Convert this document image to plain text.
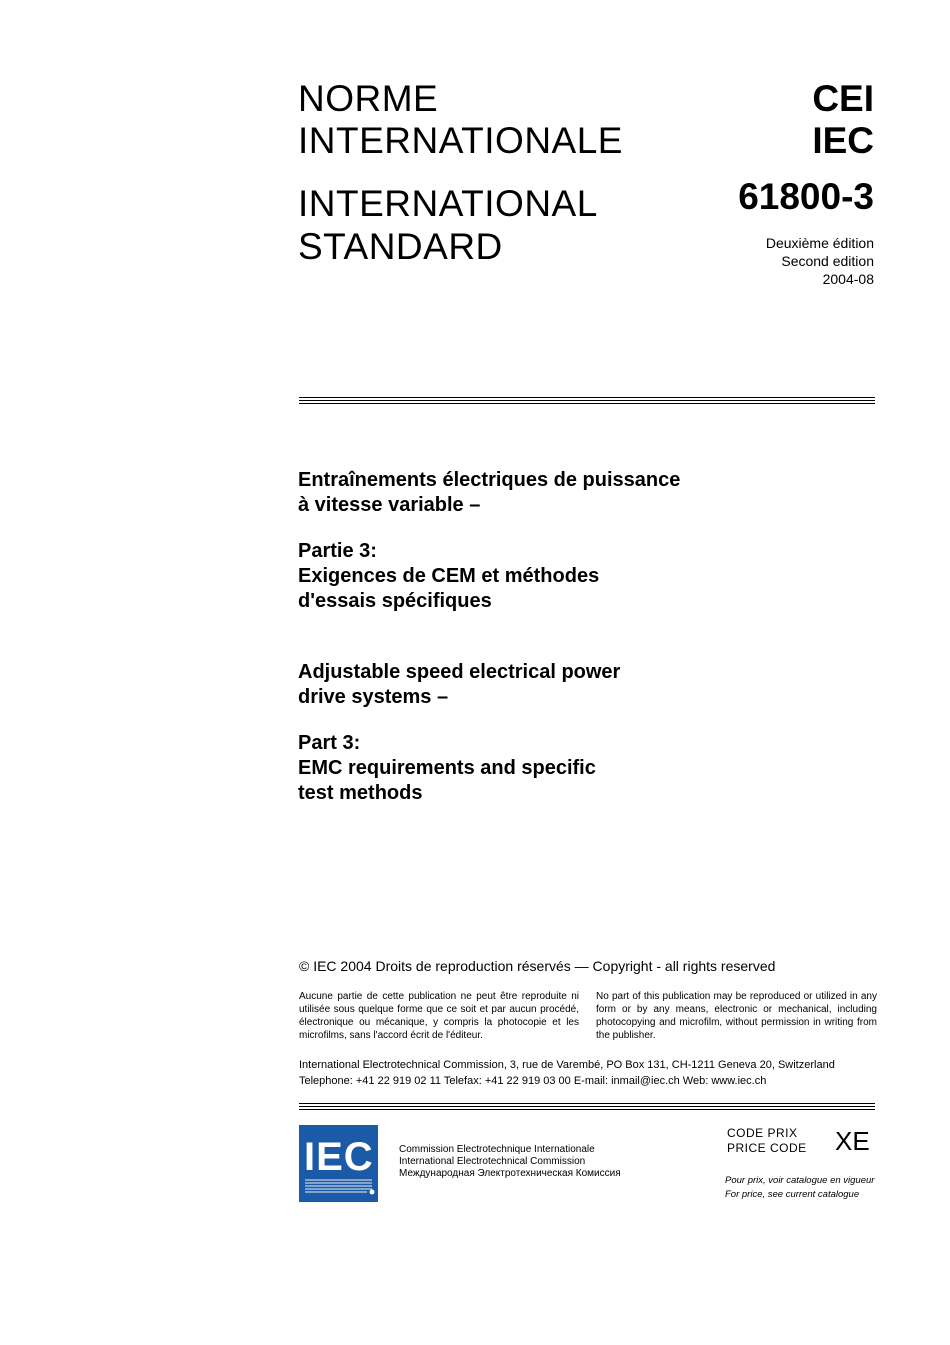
NORME
INTERNATIONALE
INTERNATIONAL
STANDARD
CEI
IEC
61800-3
Deuxième édition
Second edition
2004-08
Entraînements électriques de puissance
à vitesse variable –
Partie 3:
Exigences de CEM et méthodes
d'essais spécifiques
Adjustable speed electrical power
drive systems –
Part 3:
EMC requirements and specific
test methods
© IEC 2004 Droits de reproduction réservés — Copyright - all rights reserved
Aucune partie de cette publication ne peut être reproduite ni utilisée sous quelque forme que ce soit et par aucun procédé, électronique ou mécanique, y compris la photocopie et les microfilms, sans l'accord écrit de l'éditeur.
No part of this publication may be reproduced or utilized in any form or by any means, electronic or mechanical, including photocopying and microfilm, without permission in writing from the publisher.
International Electrotechnical Commission, 3, rue de Varembé, PO Box 131, CH-1211 Geneva 20, Switzerland
Telephone: +41 22 919 02 11 Telefax: +41 22 919 03 00 E-mail: inmail@iec.ch Web: www.iec.ch
IEC	Commission Electrotechnique Internationale
International Electrotechnical Commission
Международная Электротехническая Комиссия
CODE PRIX
PRICE CODE XE
Pour prix, voir catalogue en vigueur
For price, see current catalogue
